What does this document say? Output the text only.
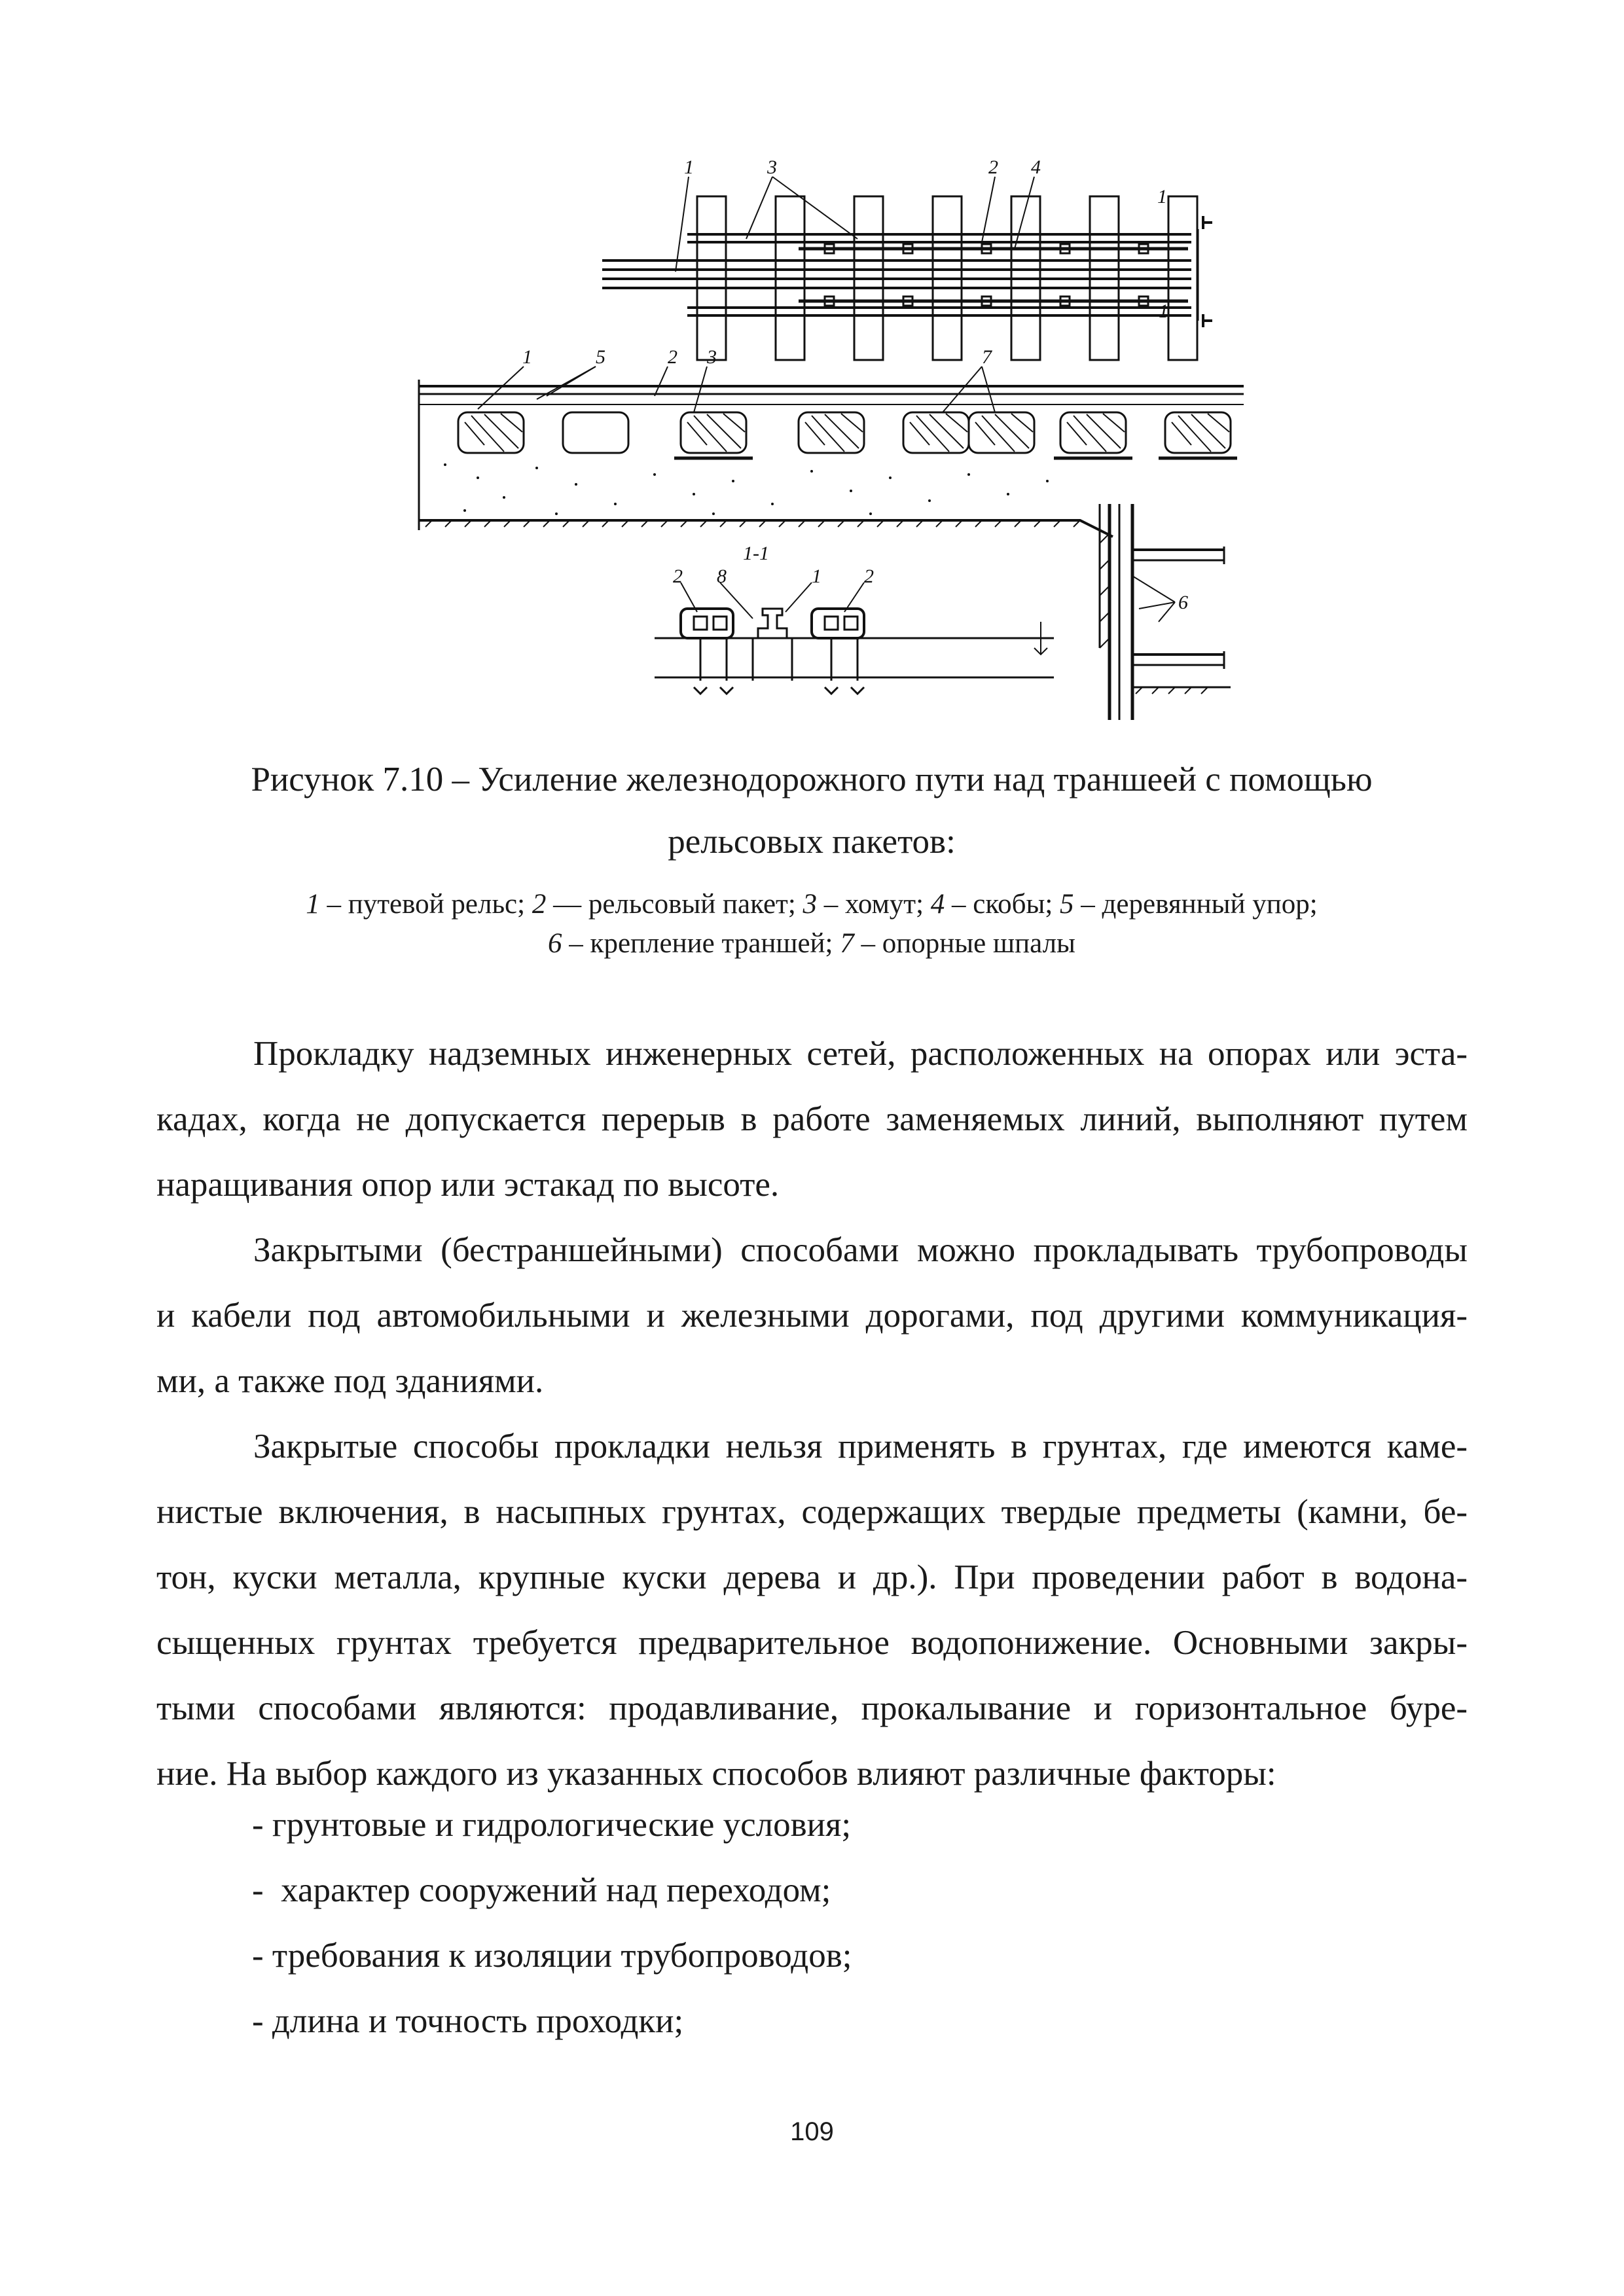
1	3	2 4
1
1
1	5	2 3	7
1-1
2 8	1 2
6
Рисунок 7.10 – Усиление железнодорожного пути над траншеей с помощью
рельсовых пакетов:
1 – путевой рельс; 2 — рельсовый пакет; 3 – хомут; 4 – скобы; 5 – деревянный упор;
6 – крепление траншей; 7 – опорные шпалы
Прокладку надземных инженерных сетей, расположенных на опорах или эста-
кадах, когда не допускается перерыв в работе заменяемых линий, выполняют путем
наращивания опор или эстакад по высоте.
Закрытыми (бестраншейными) способами можно прокладывать трубопроводы
и кабели под автомобильными и железными дорогами, под другими коммуникация-
ми, а также под зданиями.
Закрытые способы прокладки нельзя применять в грунтах, где имеются каме-
нистые включения, в насыпных грунтах, содержащих твердые предметы (камни, бе-
тон, куски металла, крупные куски дерева и др.). При проведении работ в водона-
сыщенных грунтах требуется предварительное водопонижение. Основными закры-
тыми способами являются: продавливание, прокалывание и горизонтальное буре-
ние. На выбор каждого из указанных способов влияют различные факторы:
- грунтовые и гидрологические условия;
-  характер сооружений над переходом;
- требования к изоляции трубопроводов;
- длина и точность проходки;
109
